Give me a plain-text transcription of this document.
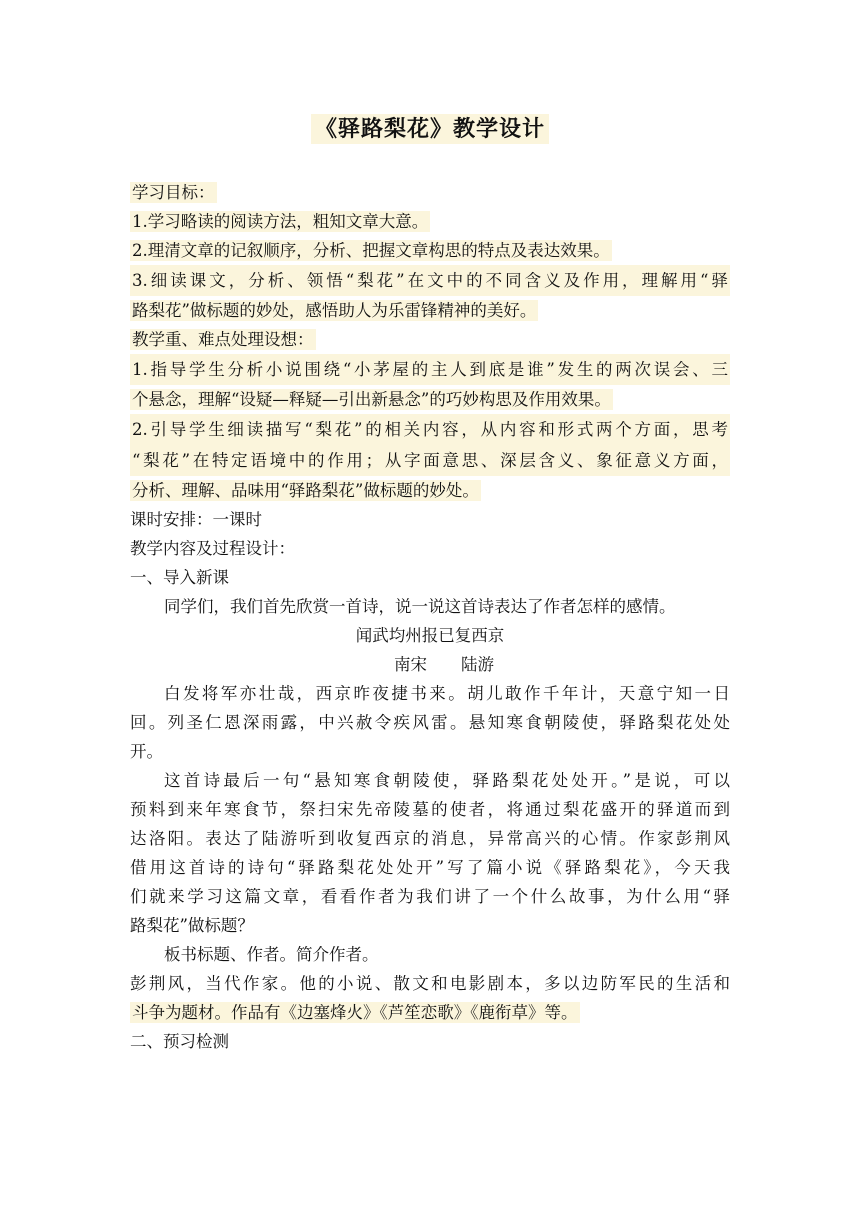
《驿路梨花》教学设计
学习目标：
1.学习略读的阅读方法，粗知文章大意。
2.理清文章的记叙顺序，分析、把握文章构思的特点及表达效果。
3.细读课文，分析、领悟“梨花”在文中的不同含义及作用，理解用“驿
路梨花”做标题的妙处，感悟助人为乐雷锋精神的美好。
教学重、难点处理设想：
1.指导学生分析小说围绕“小茅屋的主人到底是谁”发生的两次误会、三
个悬念，理解“设疑—释疑—引出新悬念”的巧妙构思及作用效果。
2.引导学生细读描写“梨花”的相关内容，从内容和形式两个方面，思考
“梨花”在特定语境中的作用；从字面意思、深层含义、象征意义方面，
分析、理解、品味用“驿路梨花”做标题的妙处。
课时安排：一课时
教学内容及过程设计：
一、导入新课
同学们，我们首先欣赏一首诗，说一说这首诗表达了作者怎样的感情。
闻武均州报已复西京
南宋 陆游
白发将军亦壮哉，西京昨夜捷书来。胡儿敢作千年计，天意宁知一日
回。列圣仁恩深雨露，中兴赦令疾风雷。悬知寒食朝陵使，驿路梨花处处
开。
这首诗最后一句“悬知寒食朝陵使，驿路梨花处处开。”是说，可以
预料到来年寒食节，祭扫宋先帝陵墓的使者，将通过梨花盛开的驿道而到
达洛阳。表达了陆游听到收复西京的消息，异常高兴的心情。作家彭荆风
借用这首诗的诗句“驿路梨花处处开”写了篇小说《驿路梨花》，今天我
们就来学习这篇文章，看看作者为我们讲了一个什么故事，为什么用“驿
路梨花”做标题？
板书标题、作者。简介作者。
彭荆风，当代作家。他的小说、散文和电影剧本，多以边防军民的生活和
斗争为题材。作品有《边塞烽火》《芦笙恋歌》《鹿衔草》等。
二、预习检测
